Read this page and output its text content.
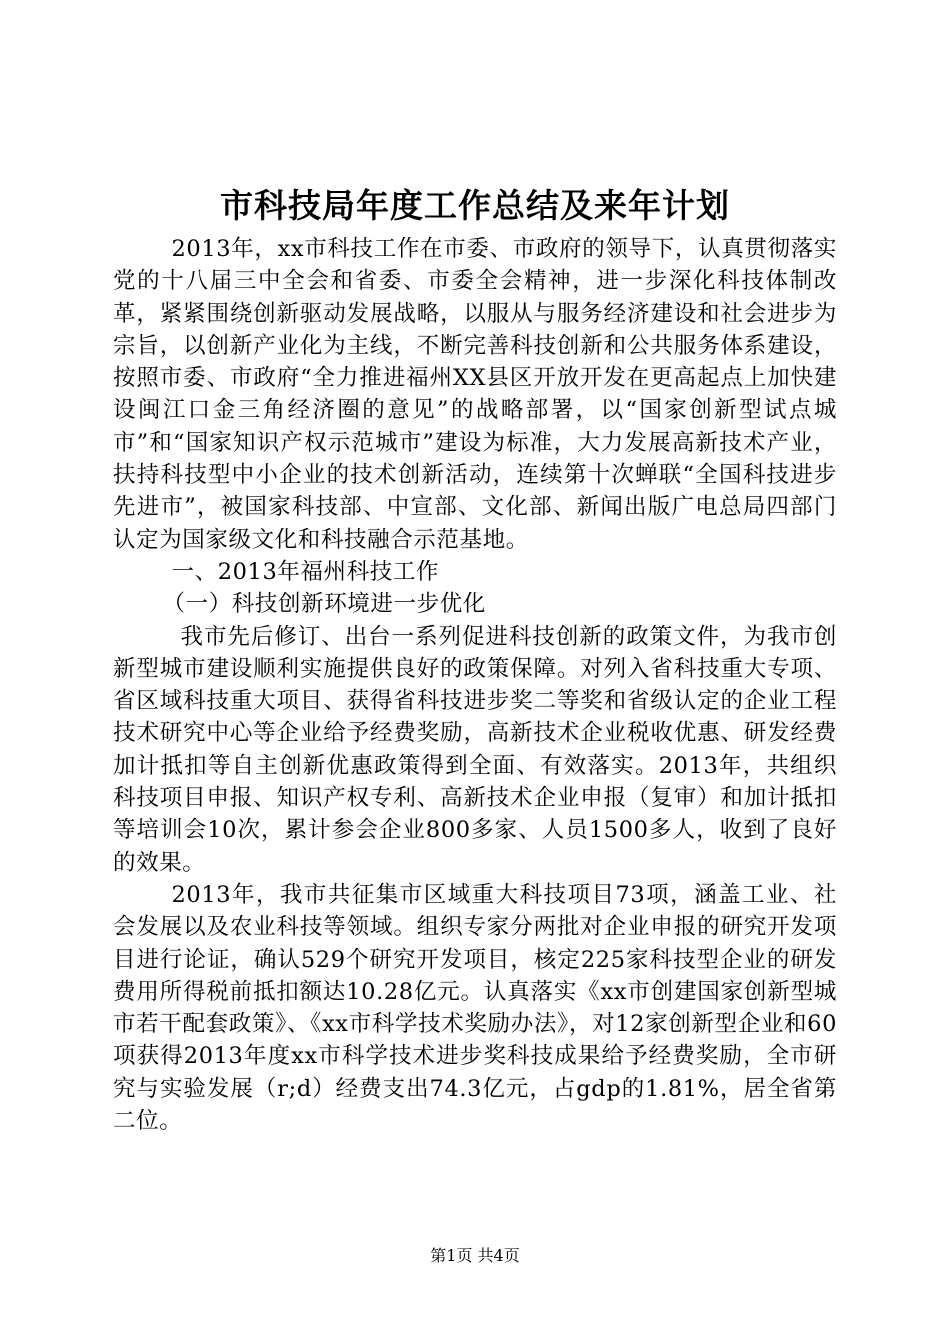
市科技局年度工作总结及来年计划

2013年，xx市科技工作在市委、市政府的领导下，认真贯彻落实党的十八届三中全会和省委、市委全会精神，进一步深化科技体制改革，紧紧围绕创新驱动发展战略，以服从与服务经济建设和社会进步为宗旨，以创新产业化为主线，不断完善科技创新和公共服务体系建设，按照市委、市政府“全力推进福州XX县区开放开发在更高起点上加快建设闽江口金三角经济圈的意见”的战略部署，以“国家创新型试点城市”和“国家知识产权示范城市”建设为标准，大力发展高新技术产业，扶持科技型中小企业的技术创新活动，连续第十次蝉联“全国科技进步先进市”，被国家科技部、中宣部、文化部、新闻出版广电总局四部门认定为国家级文化和科技融合示范基地。

一、2013年福州科技工作

（一）科技创新环境进一步优化

我市先后修订、出台一系列促进科技创新的政策文件，为我市创新型城市建设顺利实施提供良好的政策保障。对列入省科技重大专项、省区域科技重大项目、获得省科技进步奖二等奖和省级认定的企业工程技术研究中心等企业给予经费奖励，高新技术企业税收优惠、研发经费加计抵扣等自主创新优惠政策得到全面、有效落实。2013年，共组织科技项目申报、知识产权专利、高新技术企业申报（复审）和加计抵扣等培训会10次，累计参会企业800多家、人员1500多人，收到了良好的效果。

2013年，我市共征集市区域重大科技项目73项，涵盖工业、社会发展以及农业科技等领域。组织专家分两批对企业申报的研究开发项目进行论证，确认529个研究开发项目，核定225家科技型企业的研发费用所得税前抵扣额达10.28亿元。认真落实《xx市创建国家创新型城市若干配套政策》、《xx市科学技术奖励办法》，对12家创新型企业和60项获得2013年度xx市科学技术进步奖科技成果给予经费奖励，全市研究与实验发展（r;d）经费支出74.3亿元，占gdp的1.81%，居全省第二位。

第1页 共4页
